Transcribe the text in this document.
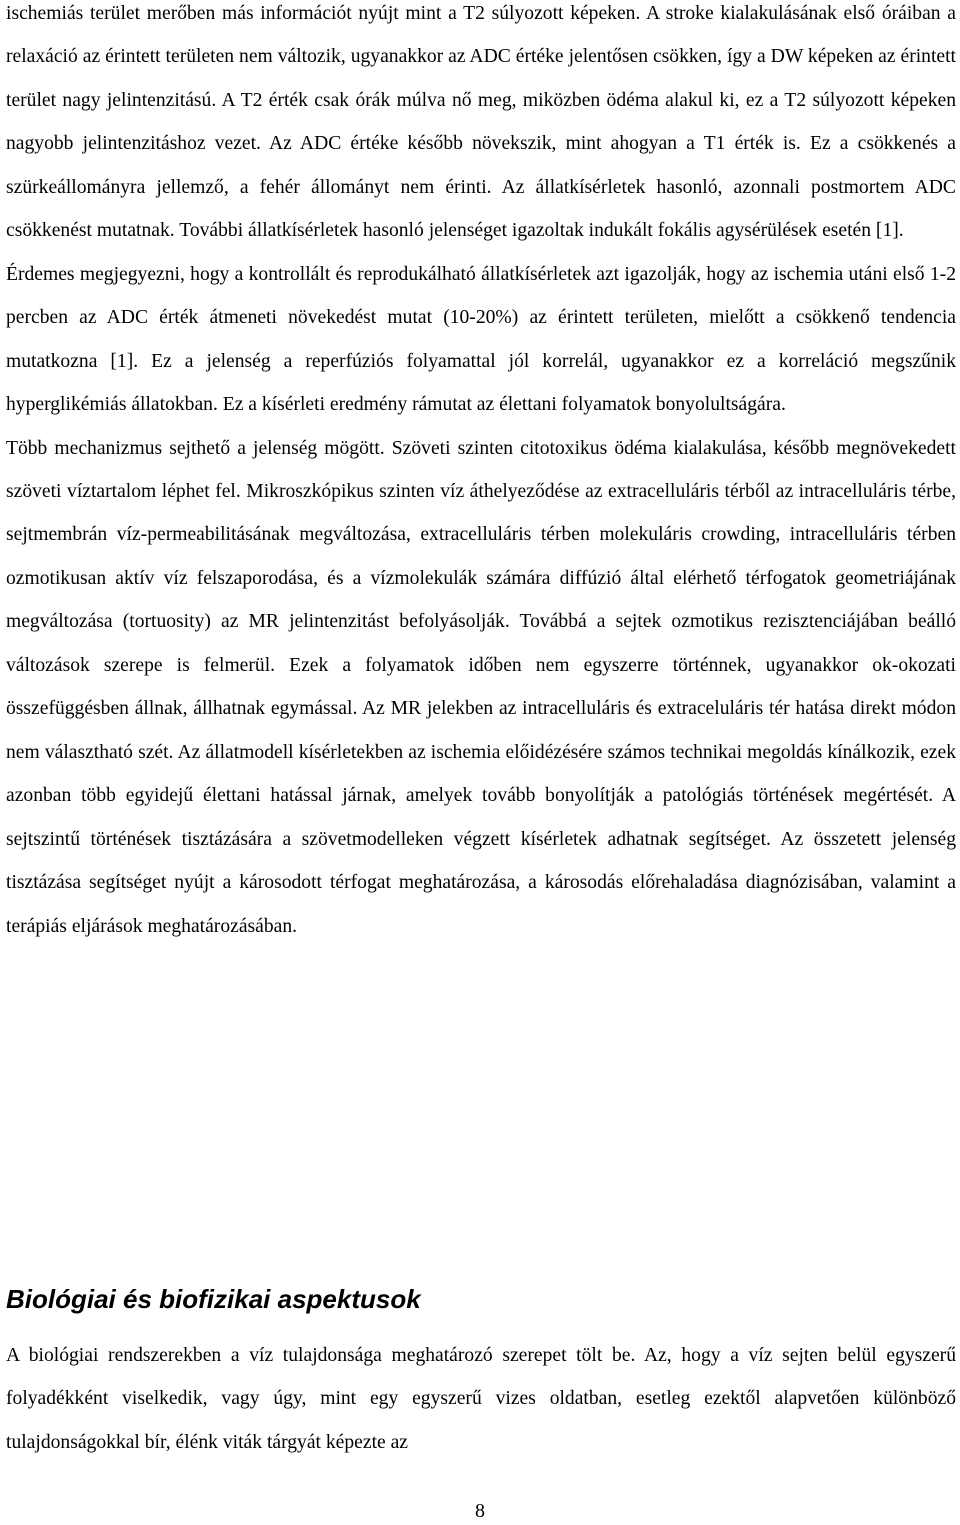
ischemiás terület merőben más információt nyújt mint a T2 súlyozott képeken. A stroke kialakulásának első óráiban a relaxáció az érintett területen nem változik, ugyanakkor az ADC értéke jelentősen csökken, így a DW képeken az érintett terület nagy jelintenzitású. A T2 érték csak órák múlva nő meg, miközben ödéma alakul ki, ez a T2 súlyozott képeken nagyobb jelintenzitáshoz vezet. Az ADC értéke később növekszik, mint ahogyan a T1 érték is. Ez a csökkenés a szürkeállományra jellemző, a fehér állományt nem érinti. Az állatkísérletek hasonló, azonnali postmortem ADC csökkenést mutatnak. További állatkísérletek hasonló jelenséget igazoltak indukált fokális agysérülések esetén [1].

Érdemes megjegyezni, hogy a kontrollált és reprodukálható állatkísérletek azt igazolják, hogy az ischemia utáni első 1-2 percben az ADC érték átmeneti növekedést mutat (10-20%) az érintett területen, mielőtt a csökkenő tendencia mutatkozna [1]. Ez a jelenség a reperfúziós folyamattal jól korrelál, ugyanakkor ez a korreláció megszűnik hyperglikémiás állatokban. Ez a kísérleti eredmény rámutat az élettani folyamatok bonyolultságára.

Több mechanizmus sejthető a jelenség mögött. Szöveti szinten citotoxikus ödéma kialakulása, később megnövekedett szöveti víztartalom léphet fel. Mikroszkópikus szinten víz áthelyeződése az extracelluláris térből az intracelluláris térbe, sejtmembrán víz-permeabilitásának megváltozása, extracelluláris térben molekuláris crowding, intracelluláris térben ozmotikusan aktív víz felszaporodása, és a vízmolekulák számára diffúzió által elérhető térfogatok geometriájának megváltozása (tortuosity) az MR jelintenzitást befolyásolják. Továbbá a sejtek ozmotikus rezisztenciájában beálló változások szerepe is felmerül. Ezek a folyamatok időben nem egyszerre történnek, ugyanakkor ok-okozati összefüggésben állnak, állhatnak egymással. Az MR jelekben az intracelluláris és extraceluláris tér hatása direkt módon nem választható szét. Az állatmodell kísérletekben az ischemia előidézésére számos technikai megoldás kínálkozik, ezek azonban több egyidejű élettani hatással járnak, amelyek tovább bonyolítják a patológiás történések megértését. A sejtszintű történések tisztázására a szövetmodelleken végzett kísérletek adhatnak segítséget. Az összetett jelenség tisztázása segítséget nyújt a károsodott térfogat meghatározása, a károsodás előrehaladása diagnózisában, valamint a terápiás eljárások meghatározásában.

Biológiai és biofizikai aspektusok

A biológiai rendszerekben a víz tulajdonsága meghatározó szerepet tölt be. Az, hogy a víz sejten belül egyszerű folyadékként viselkedik, vagy úgy, mint egy egyszerű vizes oldatban, esetleg ezektől alapvetően különböző tulajdonságokkal bír, élénk viták tárgyát képezte az

8
